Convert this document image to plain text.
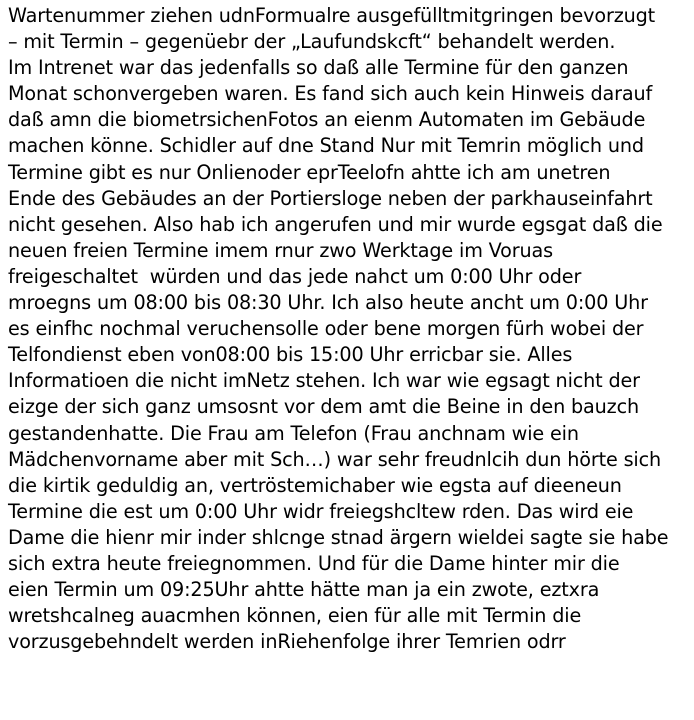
Wartenummer ziehen udnFormualre ausgefülltmitgringen bevorzugt
– mit Termin – gegenüebr der „Laufundskcft“ behandelt werden.
Im Intrenet war das jedenfalls so daß alle Termine für den ganzen
Monat schonvergeben waren. Es fand sich auch kein Hinweis darauf
daß amn die biometrsichenFotos an eienm Automaten im Gebäude
machen könne. Schidler auf dne Stand Nur mit Temrin möglich und
Termine gibt es nur Onlienoder eprTeelofn ahtte ich am unetren
Ende des Gebäudes an der Portiersloge neben der parkhauseinfahrt
nicht gesehen. Also hab ich angerufen und mir wurde egsgat daß die
neuen freien Termine imem rnur zwo Werktage im Voruas
freigeschaltet  würden und das jede nahct um 0:00 Uhr oder
mroegns um 08:00 bis 08:30 Uhr. Ich also heute ancht um 0:00 Uhr
es einfhc nochmal veruchensolle oder bene morgen fürh wobei der
Telfondienst eben von08:00 bis 15:00 Uhr erricbar sie. Alles
Informatioen die nicht imNetz stehen. Ich war wie egsagt nicht der
eizge der sich ganz umsosnt vor dem amt die Beine in den bauzch
gestandenhatte. Die Frau am Telefon (Frau anchnam wie ein
Mädchenvorname aber mit Sch…) war sehr freudnlcih dun hörte sich
die kirtik geduldig an, vertröstemichaber wie egsta auf dieeneun
Termine die est um 0:00 Uhr widr freiegshcltew rden. Das wird eie
Dame die hienr mir inder shlcnge stnad ärgern wieldei sagte sie habe
sich extra heute freiegnommen. Und für die Dame hinter mir die
eien Termin um 09:25Uhr ahtte hätte man ja ein zwote, eztxra
wretshcalneg auacmhen können, eien für alle mit Termin die
vorzusgebehndelt werden inRiehenfolge ihrer Temrien odrr
